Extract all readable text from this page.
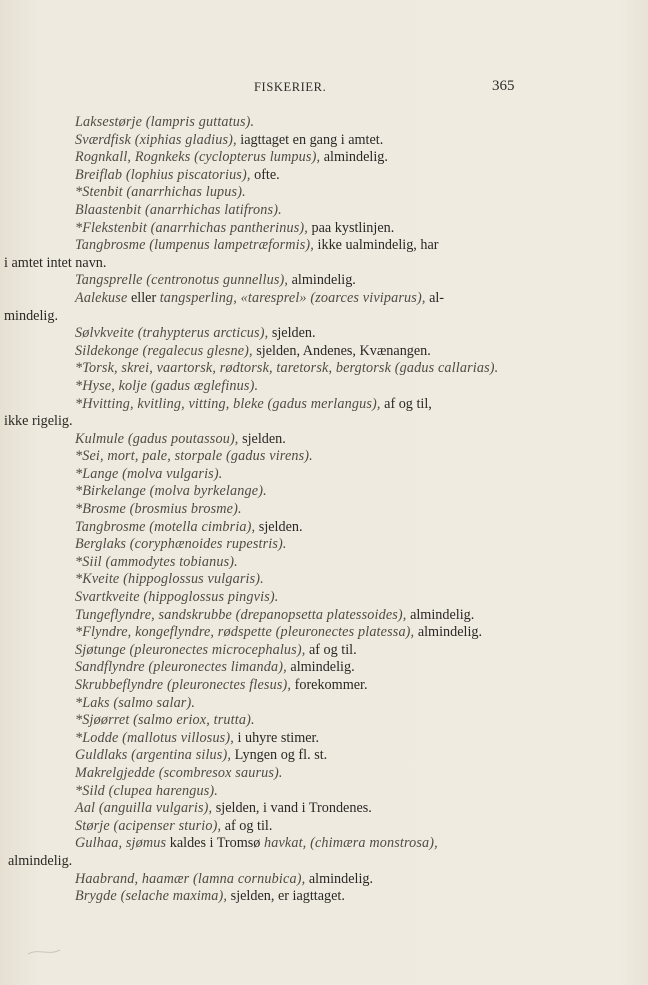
FISKERIER.	365
Laksestørje (lampris guttatus).
Sværdfisk (xiphias gladius), iagttaget en gang i amtet.
Rognkall, Rognkeks (cyclopterus lumpus), almindelig.
Breiflab (lophius piscatorius), ofte.
*Stenbit (anarrhichas lupus).
Blaastenbit (anarrhichas latifrons).
*Flekstenbit (anarrhichas pantherinus), paa kystlinjen.
Tangbrosme (lumpenus lampetræformis), ikke ualmindelig, har
i amtet intet navn.
Tangsprelle (centronotus gunnellus), almindelig.
Aalekuse eller tangsperling, «taresprel» (zoarces viviparus), al-
mindelig.
Sølvkveite (trahypterus arcticus), sjelden.
Sildekonge (regalecus glesne), sjelden, Andenes, Kvænangen.
*Torsk, skrei, vaartorsk, rødtorsk, taretorsk, bergtorsk (gadus callarias).
*Hyse, kolje (gadus æglefinus).
*Hvitting, kvitling, vitting, bleke (gadus merlangus), af og til,
ikke rigelig.
Kulmule (gadus poutassou), sjelden.
*Sei, mort, pale, storpale (gadus virens).
*Lange (molva vulgaris).
*Birkelange (molva byrkelange).
*Brosme (brosmius brosme).
Tangbrosme (motella cimbria), sjelden.
Berglaks (coryphænoides rupestris).
*Siil (ammodytes tobianus).
*Kveite (hippoglossus vulgaris).
Svartkveite (hippoglossus pingvis).
Tungeflyndre, sandskrubbe (drepanopsetta platessoides), almindelig.
*Flyndre, kongeflyndre, rødspette (pleuronectes platessa), almindelig.
Sjøtunge (pleuronectes microcephalus), af og til.
Sandflyndre (pleuronectes limanda), almindelig.
Skrubbeflyndre (pleuronectes flesus), forekommer.
*Laks (salmo salar).
*Sjøørret (salmo eriox, trutta).
*Lodde (mallotus villosus), i uhyre stimer.
Guldlaks (argentina silus), Lyngen og fl. st.
Makrelgjedde (scombresox saurus).
*Sild (clupea harengus).
Aal (anguilla vulgaris), sjelden, i vand i Trondenes.
Størje (acipenser sturio), af og til.
Gulhaa, sjømus kaldes i Tromsø havkat, (chimæra monstrosa),
almindelig.
Haabrand, haamær (lamna cornubica), almindelig.
Brygde (selache maxima), sjelden, er iagttaget.
